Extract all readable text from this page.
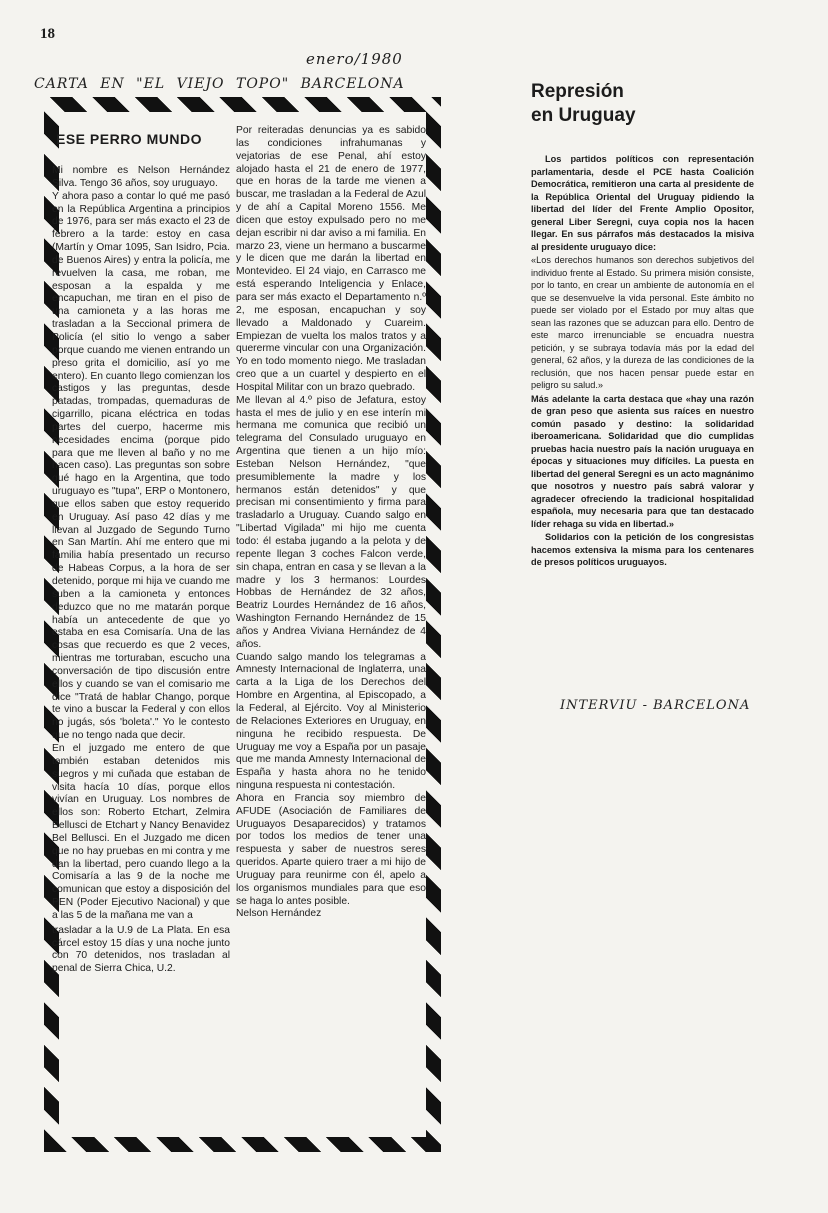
18
enero/1980
CARTA EN "EL VIEJO TOPO" BARCELONA
ESE PERRO MUNDO

Mi nombre es Nelson Hernández Silva. Tengo 36 años, soy uruguayo.

Y ahora paso a contar lo qué me pasó en la República Argentina a principios de 1976, para ser más exacto el 23 de febrero a la tarde: estoy en casa (Martín y Omar 1095, San Isidro, Pcia. de Buenos Aires) y entra la policía, me revuelven la casa, me roban, me esposan a la espalda y me encapuchan, me tiran en el piso de una camioneta y a las horas me trasladan a la Seccional primera de Policía (el sitio lo vengo a saber porque cuando me vienen entrando un preso grita el domicilio, así yo me entero). En cuanto llego comienzan los castigos y las preguntas, desde patadas, trompadas, quemaduras de cigarrillo, picana eléctrica en todas partes del cuerpo, hacerme mis necesidades encima (porque pido para que me lleven al baño y no me hacen caso). Las preguntas son sobre qué hago en la Argentina, que todo uruguayo es "tupa", ERP o Montonero, que ellos saben que estoy requerido en Uruguay. Así paso 42 días y me llevan al Juzgado de Segundo Turno en San Martín. Ahí me entero que mi familia había presentado un recurso de Habeas Corpus, a la hora de ser detenido, porque mi hija ve cuando me suben a la camioneta y entonces deduzco que no me matarán porque había un antecedente de que yo estaba en esa Comisaría. Una de las cosas que recuerdo es que 2 veces, mientras me torturaban, escucho una conversación de tipo discusión entre ellos y cuando se van el comisario me dice "Tratá de hablar Chango, porque te vino a buscar la Federal y con ellos no jugás, sós 'boleta'." Yo le contesto que no tengo nada que decir.

En el juzgado me entero de que también estaban detenidos mis suegros y mi cuñada que estaban de visita hacía 10 días, porque ellos vivían en Uruguay. Los nombres de ellos son: Roberto Etchart, Zelmira Bellusci de Etchart y Nancy Benavidez Bel Bellusci. En el Juzgado me dicen que no hay pruebas en mi contra y me dan la libertad, pero cuando llego a la Comisaría a las 9 de la noche me comunican que estoy a disposición del PEN (Poder Ejecutivo Nacional) y que a las 5 de la mañana me van a

trasladar a la U.9 de La Plata. En esa cárcel estoy 15 días y una noche junto con 70 detenidos, nos trasladan al penal de Sierra Chica, U.2.

Por reiteradas denuncias ya es sabido las condiciones infrahumanas y vejatorias de ese Penal, ahí estoy alojado hasta el 21 de enero de 1977, que en horas de la tarde me vienen a buscar, me trasladan a la Federal de Azul y de ahí a Capital Moreno 1556. Me dicen que estoy expulsado pero no me dejan escribir ni dar aviso a mi familia. En marzo 23, viene un hermano a buscarme y le dicen que me darán la libertad en Montevideo. El 24 viajo, en Carrasco me está esperando Inteligencia y Enlace, para ser más exacto el Departamento n.º 2, me esposan, encapuchan y soy llevado a Maldonado y Cuareim. Empiezan de vuelta los malos tratos y a quererme vincular con una Organización. Yo en todo momento niego. Me trasladan creo que a un cuartel y despierto en el Hospital Militar con un brazo quebrado.

Me llevan al 4.º piso de Jefatura, estoy hasta el mes de julio y en ese interín mi hermana me comunica que recibió un telegrama del Consulado uruguayo en Argentina que tienen a un hijo mío: Esteban Nelson Hernández, "que presumiblemente la madre y los hermanos están detenidos" y que precisan mi consentimiento y firma para trasladarlo a Uruguay. Cuando salgo en "Libertad Vigilada" mi hijo me cuenta todo: él estaba jugando a la pelota y de repente llegan 3 coches Falcon verde, sin chapa, entran en casa y se llevan a la madre y los 3 hermanos: Lourdes Hobbas de Hernández de 32 años, Beatriz Lourdes Hernández de 16 años, Washington Fernando Hernández de 15 años y Andrea Viviana Hernández de 4 años.

Cuando salgo mando los telegramas a Amnesty Internacional de Inglaterra, una carta a la Liga de los Derechos del Hombre en Argentina, al Episcopado, a la Federal, al Ejército. Voy al Ministerio de Relaciones Exteriores en Uruguay, en ninguna he recibido respuesta. De Uruguay me voy a España por un pasaje que me manda Amnesty Internacional de España y hasta ahora no he tenido ninguna respuesta ni contestación.

Ahora en Francia soy miembro de AFUDE (Asociación de Familiares de Uruguayos Desaparecidos) y tratamos por todos los medios de tener una respuesta y saber de nuestros seres queridos. Aparte quiero traer a mi hijo de Uruguay para reunirme con él, apelo a los organismos mundiales para que eso se haga lo antes posible.

Nelson Hernández

Represión
en Uruguay

Los partidos políticos con representación parlamentaria, desde el PCE hasta Coalición Democrática, remitieron una carta al presidente de la República Oriental del Uruguay pidiendo la libertad del líder del Frente Amplio Opositor, general Liber Seregni, cuya copia nos la hacen llegar. En sus párrafos más destacados la misiva al presidente uruguayo dice:

«Los derechos humanos son derechos subjetivos del individuo frente al Estado. Su primera misión consiste, por lo tanto, en crear un ambiente de autonomía en el que se desenvuelve la vida personal. Este ámbito no puede ser violado por el Estado por muy altas que sean las razones que se aduzcan para ello. Dentro de este marco irrenunciable se encuadra nuestra petición, y se subraya todavía más por la edad del general, 62 años, y la dureza de las condiciones de la reclusión, que nos hacen pensar puede estar en peligro su salud.»

Más adelante la carta destaca que «hay una razón de gran peso que asienta sus raíces en nuestro común pasado y destino: la solidaridad iberoamericana. Solidaridad que dio cumplidas pruebas hacia nuestro país la nación uruguaya en épocas y situaciones muy difíciles. La puesta en libertad del general Seregni es un acto magnánimo que nosotros y nuestro país sabrá valorar y agradecer ofreciendo la tradicional hospitalidad española, muy necesaria para que tan destacado líder rehaga su vida en libertad.»

Solidarios con la petición de los congresistas hacemos extensiva la misma para los centenares de presos políticos uruguayos.

INTERVIU - BARCELONA
